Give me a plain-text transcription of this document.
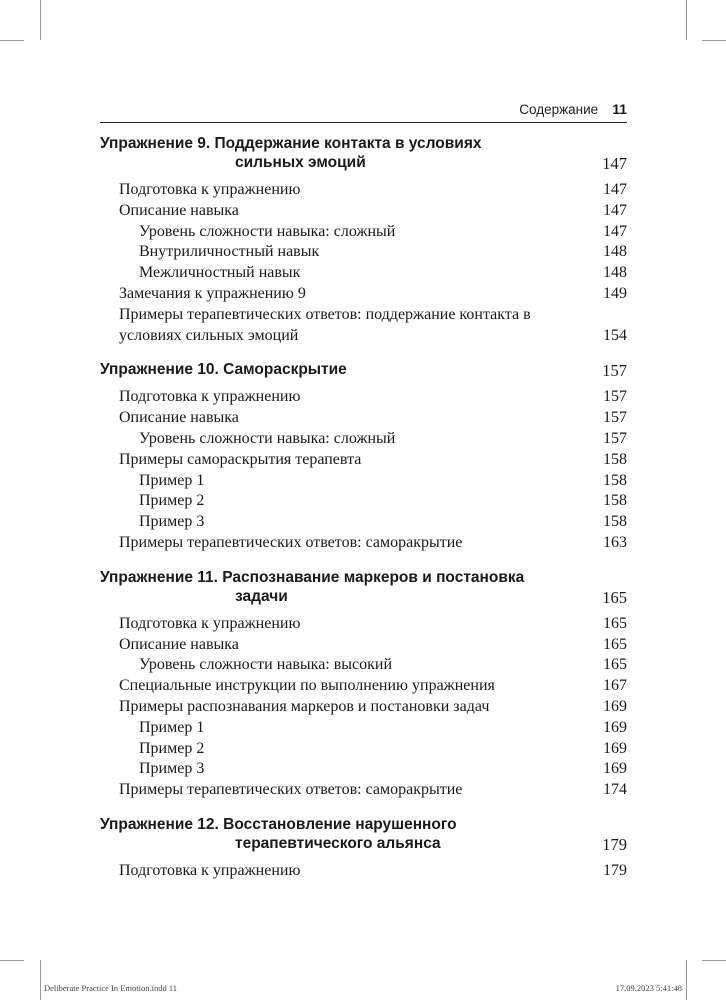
Содержание 11
Упражнение 9. Поддержание контакта в условиях
сильных эмоций	147
Подготовка к упражнению	147
Описание навыка	147
Уровень сложности навыка: сложный	147
Внутриличностный навык	148
Межличностный навык	148
Замечания к упражнению 9	149
Примеры терапевтических ответов: поддержание контакта в условиях сильных эмоций	154
Упражнение 10. Самораскрытие	157
Подготовка к упражнению	157
Описание навыка	157
Уровень сложности навыка: сложный	157
Примеры самораскрытия терапевта	158
Пример 1	158
Пример 2	158
Пример 3	158
Примеры терапевтических ответов: саморакрытие	163
Упражнение 11. Распознавание маркеров и постановка
задачи	165
Подготовка к упражнению	165
Описание навыка	165
Уровень сложности навыка: высокий	165
Специальные инструкции по выполнению упражнения	167
Примеры распознавания маркеров и постановки задач	169
Пример 1	169
Пример 2	169
Пример 3	169
Примеры терапевтических ответов: саморакрытие	174
Упражнение 12. Восстановление нарушенного
терапевтического альянса	179
Подготовка к упражнению	179
Deliberate Practice In Emotion.indd 11	17.09.2023 5:41:48
